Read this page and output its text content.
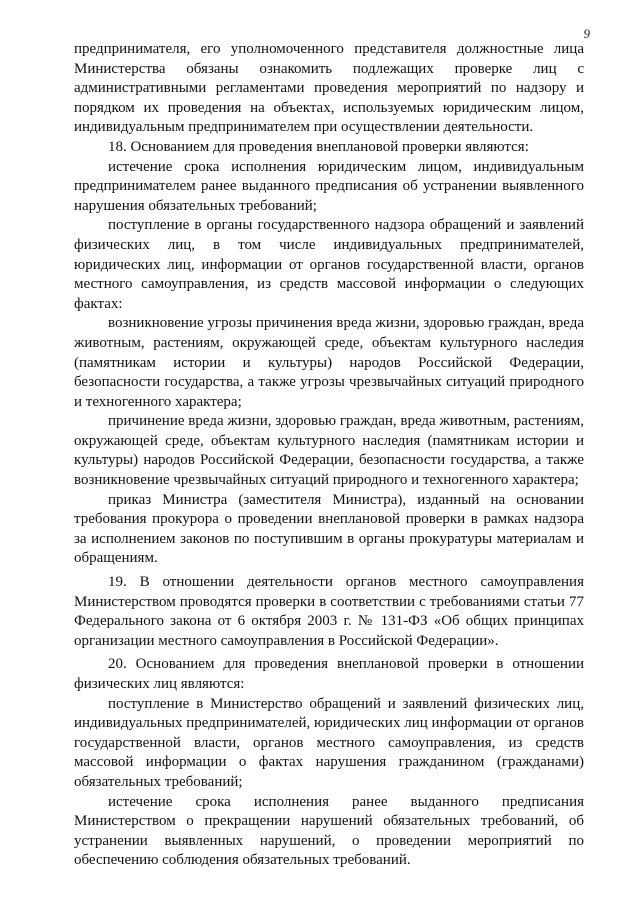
9

предпринимателя, его уполномоченного представителя должностные лица Министерства обязаны ознакомить подлежащих проверке лиц с административными регламентами проведения мероприятий по надзору и порядком их проведения на объектах, используемых юридическим лицом, индивидуальным предпринимателем при осуществлении деятельности.

18. Основанием для проведения внеплановой проверки являются:

истечение срока исполнения юридическим лицом, индивидуальным предпринимателем ранее выданного предписания об устранении выявленного нарушения обязательных требований;

поступление в органы государственного надзора обращений и заявлений физических лиц, в том числе индивидуальных предпринимателей, юридических лиц, информации от органов государственной власти, органов местного самоуправления, из средств массовой информации о следующих фактах:

возникновение угрозы причинения вреда жизни, здоровью граждан, вреда животным, растениям, окружающей среде, объектам культурного наследия (памятникам истории и культуры) народов Российской Федерации, безопасности государства, а также угрозы чрезвычайных ситуаций природного и техногенного характера;

причинение вреда жизни, здоровью граждан, вреда животным, растениям, окружающей среде, объектам культурного наследия (памятникам истории и культуры) народов Российской Федерации, безопасности государства, а также возникновение чрезвычайных ситуаций природного и техногенного характера;

приказ Министра (заместителя Министра), изданный на основании требования прокурора о проведении внеплановой проверки в рамках надзора за исполнением законов по поступившим в органы прокуратуры материалам и обращениям.

19. В отношении деятельности органов местного самоуправления Министерством проводятся проверки в соответствии с требованиями статьи 77 Федерального закона от 6 октября 2003 г. № 131-ФЗ «Об общих принципах организации местного самоуправления в Российской Федерации».

20. Основанием для проведения внеплановой проверки в отношении физических лиц являются:

поступление в Министерство обращений и заявлений физических лиц, индивидуальных предпринимателей, юридических лиц информации от органов государственной власти, органов местного самоуправления, из средств массовой информации о фактах нарушения гражданином (гражданами) обязательных требований;

истечение срока исполнения ранее выданного предписания Министерством о прекращении нарушений обязательных требований, об устранении выявленных нарушений, о проведении мероприятий по обеспечению соблюдения обязательных требований.
